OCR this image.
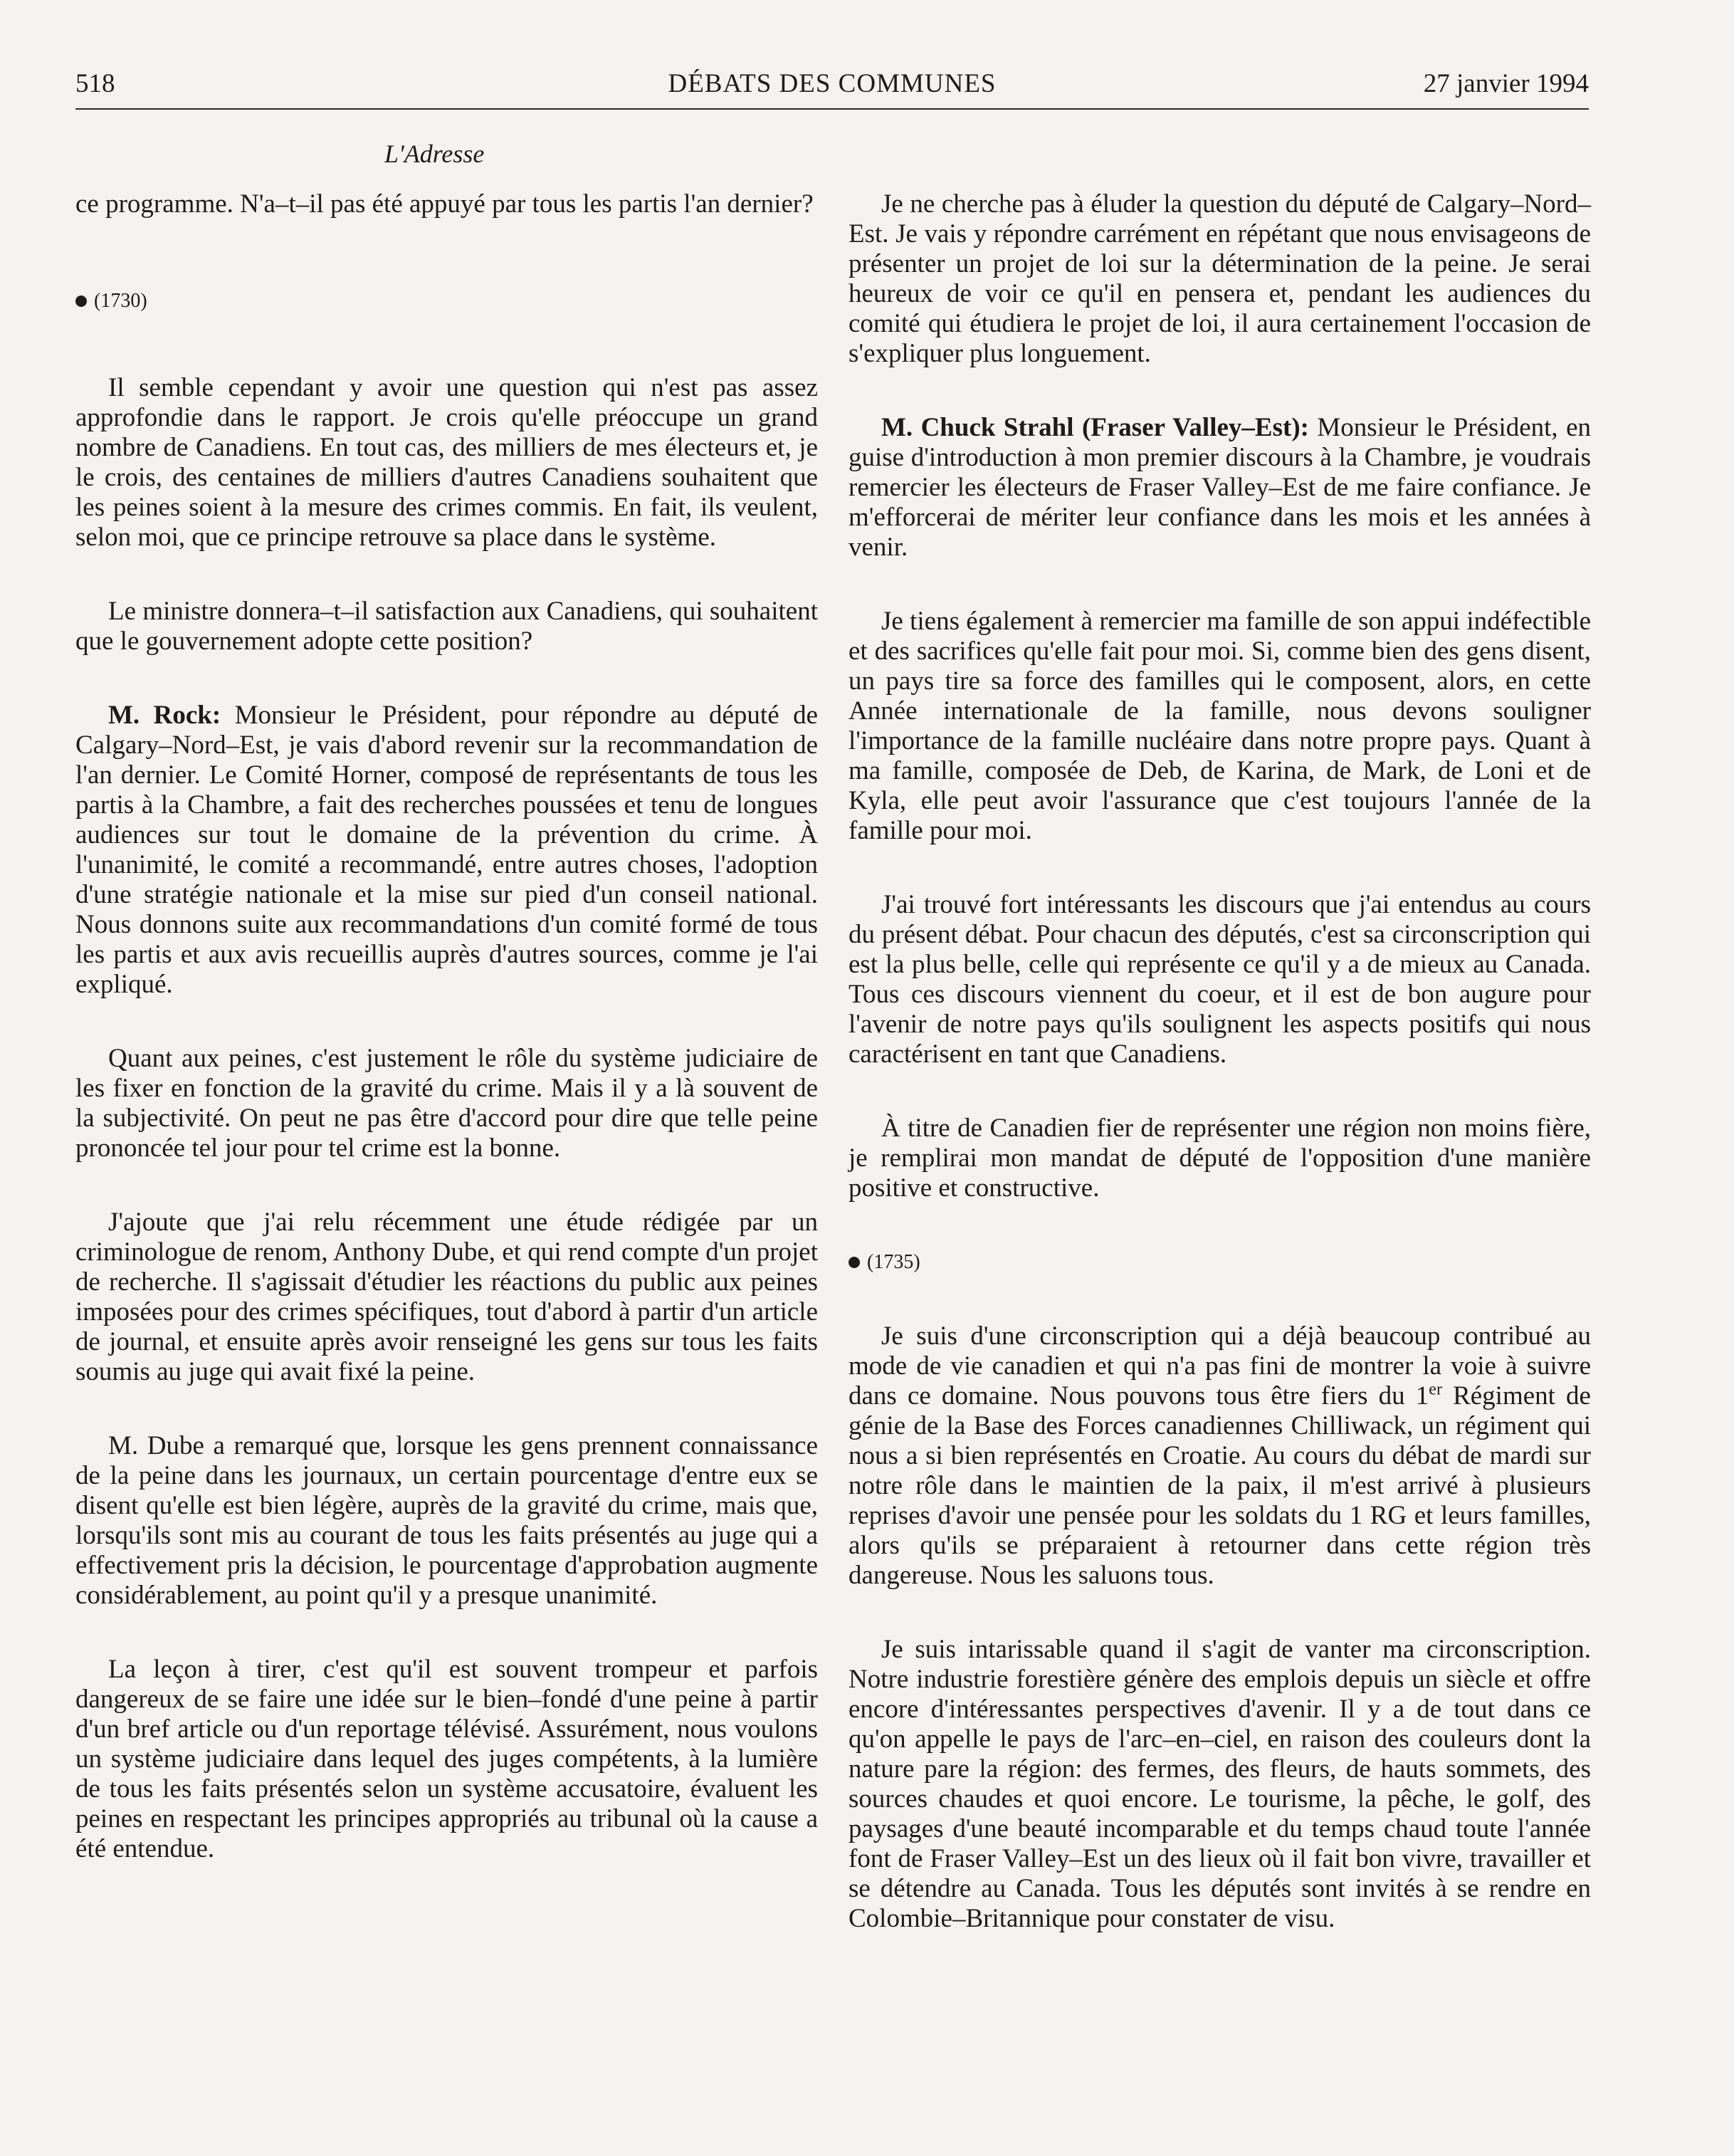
518	DÉBATS DES COMMUNES	27 janvier 1994
L'Adresse

ce programme. N'a–t–il pas été appuyé par tous les partis l'an dernier?

(1730)

Il semble cependant y avoir une question qui n'est pas assez approfondie dans le rapport. Je crois qu'elle préoccupe un grand nombre de Canadiens. En tout cas, des milliers de mes électeurs et, je le crois, des centaines de milliers d'autres Canadiens souhaitent que les peines soient à la mesure des crimes commis. En fait, ils veulent, selon moi, que ce principe retrouve sa place dans le système.

Le ministre donnera–t–il satisfaction aux Canadiens, qui souhaitent que le gouvernement adopte cette position?

M. Rock: Monsieur le Président, pour répondre au député de Calgary–Nord–Est, je vais d'abord revenir sur la recommandation de l'an dernier. Le Comité Horner, composé de représentants de tous les partis à la Chambre, a fait des recherches poussées et tenu de longues audiences sur tout le domaine de la prévention du crime. À l'unanimité, le comité a recommandé, entre autres choses, l'adoption d'une stratégie nationale et la mise sur pied d'un conseil national. Nous donnons suite aux recommandations d'un comité formé de tous les partis et aux avis recueillis auprès d'autres sources, comme je l'ai expliqué.

Quant aux peines, c'est justement le rôle du système judiciaire de les fixer en fonction de la gravité du crime. Mais il y a là souvent de la subjectivité. On peut ne pas être d'accord pour dire que telle peine prononcée tel jour pour tel crime est la bonne.

J'ajoute que j'ai relu récemment une étude rédigée par un criminologue de renom, Anthony Dube, et qui rend compte d'un projet de recherche. Il s'agissait d'étudier les réactions du public aux peines imposées pour des crimes spécifiques, tout d'abord à partir d'un article de journal, et ensuite après avoir renseigné les gens sur tous les faits soumis au juge qui avait fixé la peine.

M. Dube a remarqué que, lorsque les gens prennent connaissance de la peine dans les journaux, un certain pourcentage d'entre eux se disent qu'elle est bien légère, auprès de la gravité du crime, mais que, lorsqu'ils sont mis au courant de tous les faits présentés au juge qui a effectivement pris la décision, le pourcentage d'approbation augmente considérablement, au point qu'il y a presque unanimité.

La leçon à tirer, c'est qu'il est souvent trompeur et parfois dangereux de se faire une idée sur le bien–fondé d'une peine à partir d'un bref article ou d'un reportage télévisé. Assurément, nous voulons un système judiciaire dans lequel des juges compétents, à la lumière de tous les faits présentés selon un système accusatoire, évaluent les peines en respectant les principes appropriés au tribunal où la cause a été entendue.

Je ne cherche pas à éluder la question du député de Calgary–Nord–Est. Je vais y répondre carrément en répétant que nous envisageons de présenter un projet de loi sur la détermination de la peine. Je serai heureux de voir ce qu'il en pensera et, pendant les audiences du comité qui étudiera le projet de loi, il aura certainement l'occasion de s'expliquer plus longuement.

M. Chuck Strahl (Fraser Valley–Est): Monsieur le Président, en guise d'introduction à mon premier discours à la Chambre, je voudrais remercier les électeurs de Fraser Valley–Est de me faire confiance. Je m'efforcerai de mériter leur confiance dans les mois et les années à venir.

Je tiens également à remercier ma famille de son appui indéfectible et des sacrifices qu'elle fait pour moi. Si, comme bien des gens disent, un pays tire sa force des familles qui le composent, alors, en cette Année internationale de la famille, nous devons souligner l'importance de la famille nucléaire dans notre propre pays. Quant à ma famille, composée de Deb, de Karina, de Mark, de Loni et de Kyla, elle peut avoir l'assurance que c'est toujours l'année de la famille pour moi.

J'ai trouvé fort intéressants les discours que j'ai entendus au cours du présent débat. Pour chacun des députés, c'est sa circonscription qui est la plus belle, celle qui représente ce qu'il y a de mieux au Canada. Tous ces discours viennent du coeur, et il est de bon augure pour l'avenir de notre pays qu'ils soulignent les aspects positifs qui nous caractérisent en tant que Canadiens.

À titre de Canadien fier de représenter une région non moins fière, je remplirai mon mandat de député de l'opposition d'une manière positive et constructive.

(1735)

Je suis d'une circonscription qui a déjà beaucoup contribué au mode de vie canadien et qui n'a pas fini de montrer la voie à suivre dans ce domaine. Nous pouvons tous être fiers du 1er Régiment de génie de la Base des Forces canadiennes Chilliwack, un régiment qui nous a si bien représentés en Croatie. Au cours du débat de mardi sur notre rôle dans le maintien de la paix, il m'est arrivé à plusieurs reprises d'avoir une pensée pour les soldats du 1 RG et leurs familles, alors qu'ils se préparaient à retourner dans cette région très dangereuse. Nous les saluons tous.

Je suis intarissable quand il s'agit de vanter ma circonscription. Notre industrie forestière génère des emplois depuis un siècle et offre encore d'intéressantes perspectives d'avenir. Il y a de tout dans ce qu'on appelle le pays de l'arc–en–ciel, en raison des couleurs dont la nature pare la région: des fermes, des fleurs, de hauts sommets, des sources chaudes et quoi encore. Le tourisme, la pêche, le golf, des paysages d'une beauté incomparable et du temps chaud toute l'année font de Fraser Valley–Est un des lieux où il fait bon vivre, travailler et se détendre au Canada. Tous les députés sont invités à se rendre en Colombie–Britannique pour constater de visu.
